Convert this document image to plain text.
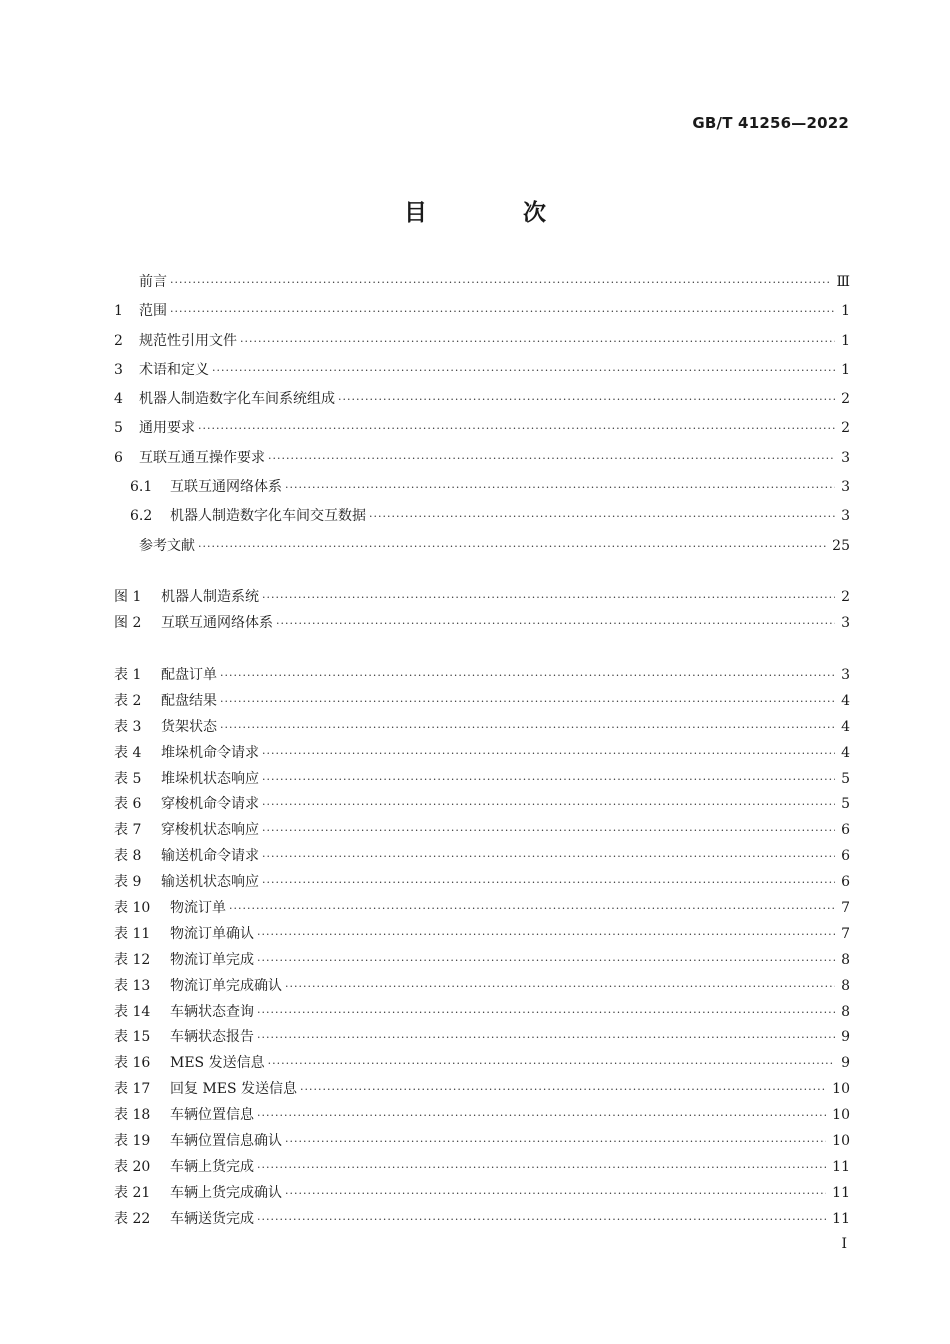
GB/T 41256—2022
目 次
前言 ·····	Ⅲ
1	范围 ·····	1
2	规范性引用文件 ·····	1
3	术语和定义 ·····	1
4	机器人制造数字化车间系统组成 ·····	2
5	通用要求 ·····	2
6	互联互通互操作要求 ·····	3
6.1	互联互通网络体系 ·····	3
6.2	机器人制造数字化车间交互数据 ·····	3
参考文献 ·····	25
图 1	机器人制造系统 ·····	2
图 2	互联互通网络体系 ·····	3
表 1	配盘订单 ·····	3
表 2	配盘结果 ·····	4
表 3	货架状态 ·····	4
表 4	堆垛机命令请求 ·····	4
表 5	堆垛机状态响应 ·····	5
表 6	穿梭机命令请求 ·····	5
表 7	穿梭机状态响应 ·····	6
表 8	输送机命令请求 ·····	6
表 9	输送机状态响应 ·····	6
表 10	物流订单 ·····	7
表 11	物流订单确认 ·····	7
表 12	物流订单完成 ·····	8
表 13	物流订单完成确认 ·····	8
表 14	车辆状态查询 ·····	8
表 15	车辆状态报告 ·····	9
表 16	MES 发送信息 ·····	9
表 17	回复 MES 发送信息 ·····	10
表 18	车辆位置信息 ·····	10
表 19	车辆位置信息确认 ·····	10
表 20	车辆上货完成 ·····	11
表 21	车辆上货完成确认 ·····	11
表 22	车辆送货完成 ·····	11
I
